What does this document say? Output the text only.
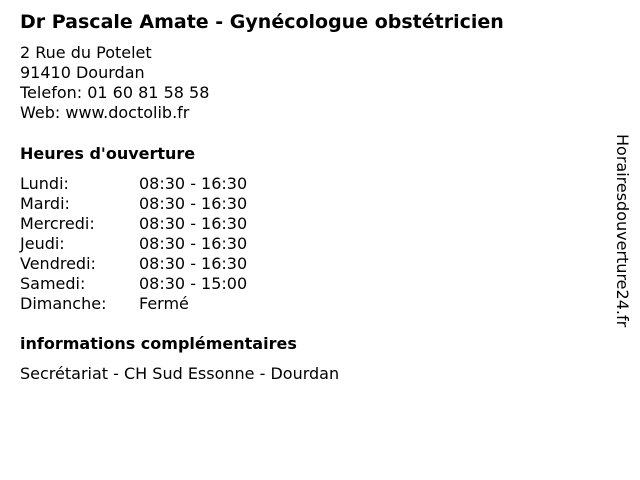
Dr Pascale Amate - Gynécologue obstétricien
2 Rue du Potelet
91410 Dourdan
Telefon: 01 60 81 58 58
Web: www.doctolib.fr
Heures d'ouverture
Lundi:	08:30 - 16:30
Mardi:	08:30 - 16:30
Mercredi:	08:30 - 16:30
Jeudi:	08:30 - 16:30
Vendredi:	08:30 - 16:30
Samedi:	08:30 - 15:00
Dimanche: Fermé
informations complémentaires
Secrétariat - CH Sud Essonne - Dourdan
Horairesdouverture24.fr
